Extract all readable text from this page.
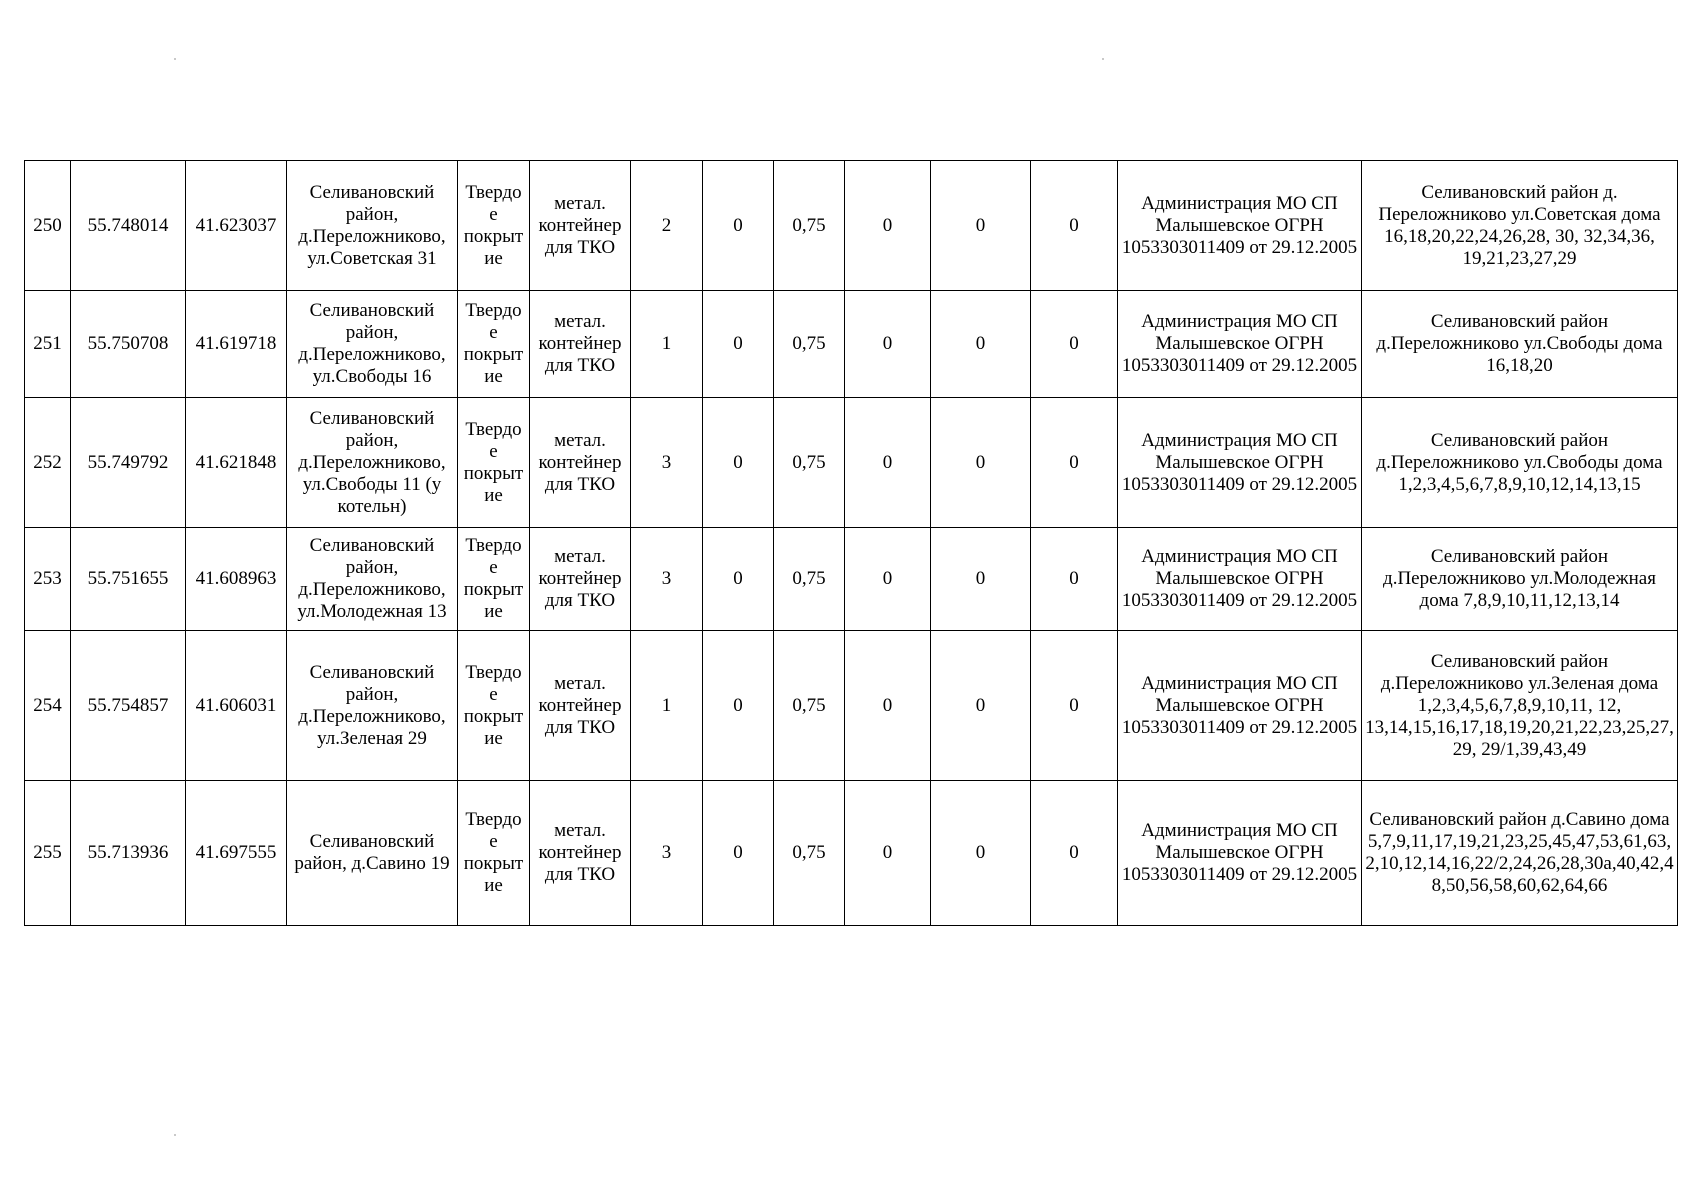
250	55.748014	41.623037	Селивановский район, д.Переложниково, ул.Советская 31	Твердо е покрыт ие	метал. контейнер для ТКО	2	0	0,75	0	0	0	Администрация МО СП Малышевское ОГРН 1053303011409 от 29.12.2005	Селивановский район д. Переложниково ул.Советская дома 16,18,20,22,24,26,28, 30, 32,34,36, 19,21,23,27,29
251	55.750708	41.619718	Селивановский район, д.Переложниково, ул.Свободы 16	Твердо е покрыт ие	метал. контейнер для ТКО	1	0	0,75	0	0	0	Администрация МО СП Малышевское ОГРН 1053303011409 от 29.12.2005	Селивановский район д.Переложниково ул.Свободы дома 16,18,20
252	55.749792	41.621848	Селивановский район, д.Переложниково, ул.Свободы 11 (у котельн)	Твердо е покрыт ие	метал. контейнер для ТКО	3	0	0,75	0	0	0	Администрация МО СП Малышевское ОГРН 1053303011409 от 29.12.2005	Селивановский район д.Переложниково ул.Свободы дома 1,2,3,4,5,6,7,8,9,10,12,14,13,15
253	55.751655	41.608963	Селивановский район, д.Переложниково, ул.Молодежная 13	Твердо е покрыт ие	метал. контейнер для ТКО	3	0	0,75	0	0	0	Администрация МО СП Малышевское ОГРН 1053303011409 от 29.12.2005	Селивановский район д.Переложниково ул.Молодежная дома 7,8,9,10,11,12,13,14
254	55.754857	41.606031	Селивановский район, д.Переложниково, ул.Зеленая 29	Твердо е покрыт ие	метал. контейнер для ТКО	1	0	0,75	0	0	0	Администрация МО СП Малышевское ОГРН 1053303011409 от 29.12.2005	Селивановский район д.Переложниково ул.Зеленая дома 1,2,3,4,5,6,7,8,9,10,11, 12, 13,14,15,16,17,18,19,20,21,22,23,25,27,29, 29/1,39,43,49
255	55.713936	41.697555	Селивановский район, д.Савино 19	Твердо е покрыт ие	метал. контейнер для ТКО	3	0	0,75	0	0	0	Администрация МО СП Малышевское ОГРН 1053303011409 от 29.12.2005	Селивановский район д.Савино дома 5,7,9,11,17,19,21,23,25,45,47,53,61,63,2,10,12,14,16,22/2,24,26,28,30а,40,42,48,50,56,58,60,62,64,66
